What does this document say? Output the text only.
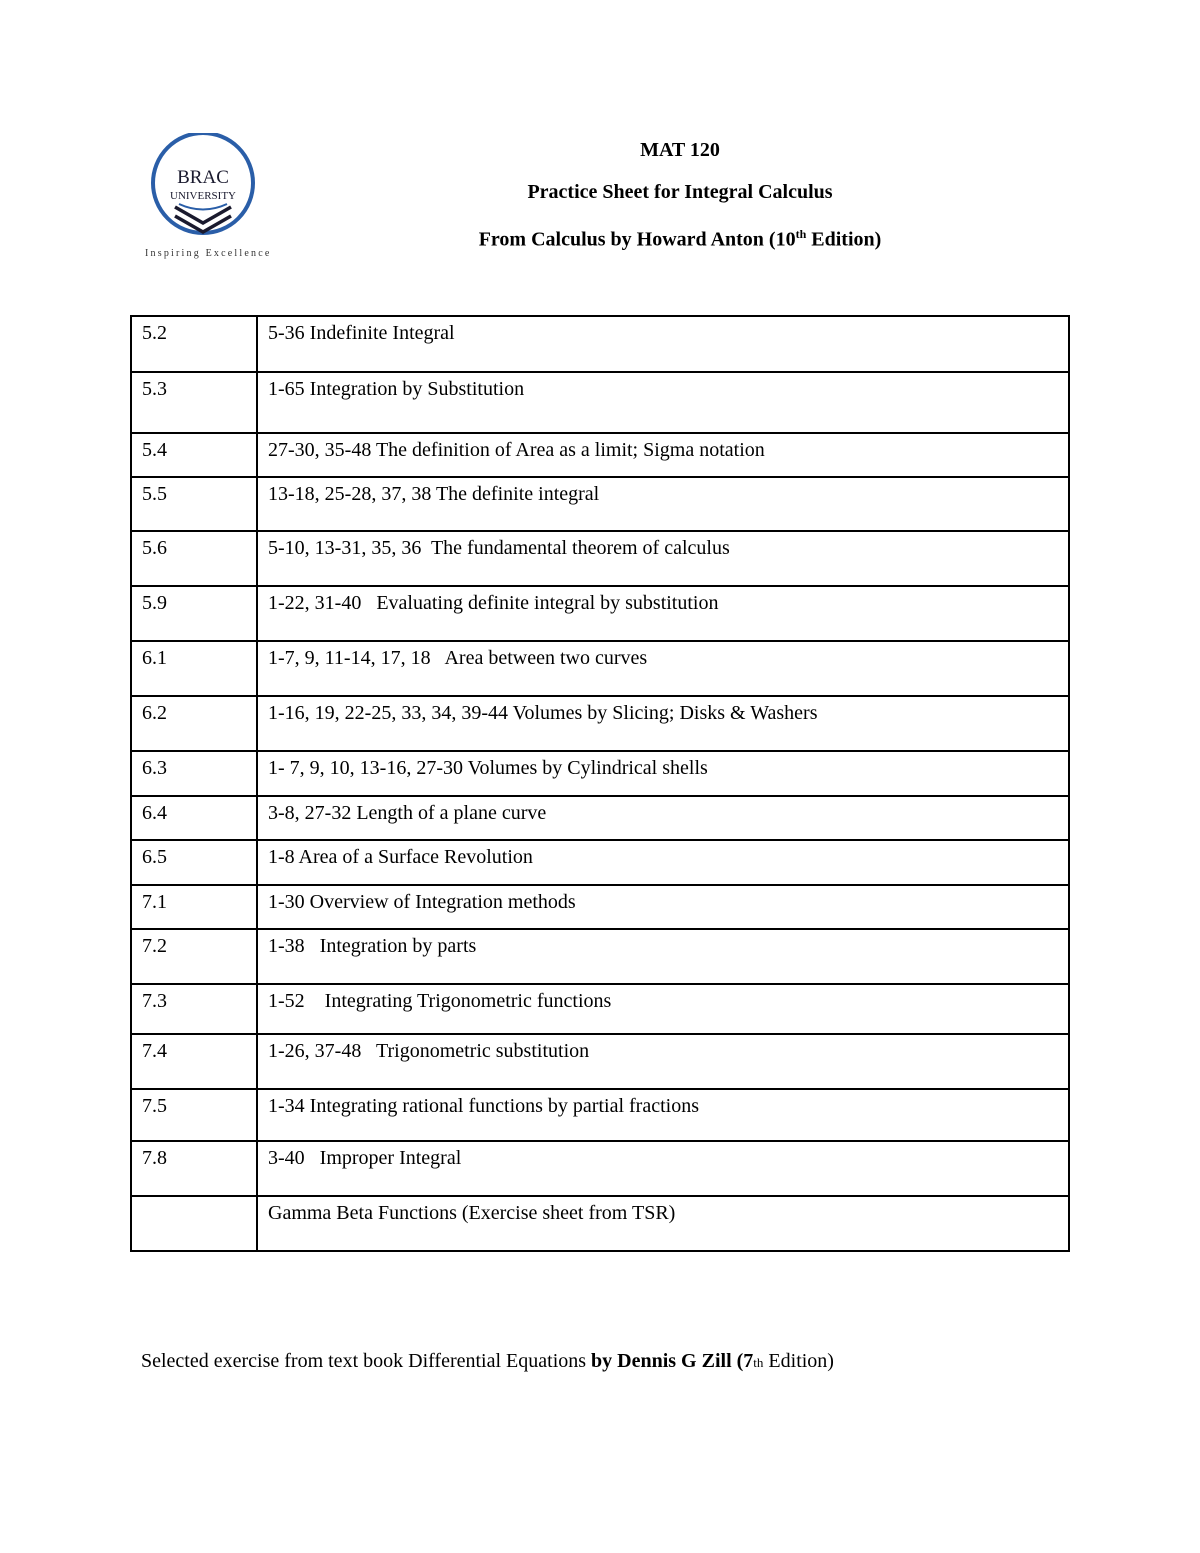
BRAC
UNIVERSITY
Inspiring Excellence
MAT 120
Practice Sheet for Integral Calculus
From Calculus by Howard Anton (10th Edition)
5.2	5-36 Indefinite Integral
5.3	1-65 Integration by Substitution
5.4	27-30, 35-48 The definition of Area as a limit; Sigma notation
5.5	13-18, 25-28, 37, 38 The definite integral
5.6	5-10, 13-31, 35, 36  The fundamental theorem of calculus
5.9	1-22, 31-40   Evaluating definite integral by substitution
6.1	1-7, 9, 11-14, 17, 18   Area between two curves
6.2	1-16, 19, 22-25, 33, 34, 39-44 Volumes by Slicing; Disks & Washers
6.3	1- 7, 9, 10, 13-16, 27-30 Volumes by Cylindrical shells
6.4	3-8, 27-32 Length of a plane curve
6.5	1-8 Area of a Surface Revolution
7.1	1-30 Overview of Integration methods
7.2	1-38   Integration by parts
7.3	1-52    Integrating Trigonometric functions
7.4	1-26, 37-48   Trigonometric substitution
7.5	1-34 Integrating rational functions by partial fractions
7.8	3-40   Improper Integral
	Gamma Beta Functions (Exercise sheet from TSR)
Selected exercise from text book Differential Equations by Dennis G Zill (7th Edition)
